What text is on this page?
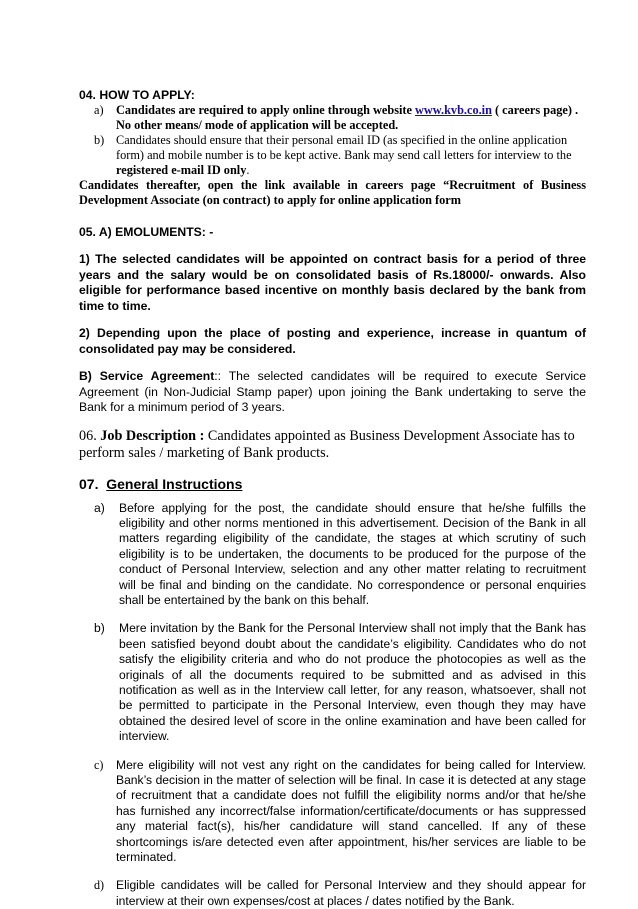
04. HOW TO APPLY:

a)	Candidates are required to apply online through website www.kvb.co.in ( careers page) .
No other means/ mode of application will be accepted.
b) Candidates should ensure that their personal email ID (as specified in the online application form) and mobile number is to be kept active. Bank may send call letters for interview to the registered e-mail ID only.

Candidates thereafter, open the link available in careers page “Recruitment of Business Development Associate (on contract) to apply for online application form

05. A) EMOLUMENTS: -

1) The selected candidates will be appointed on contract basis for a period of three years and the salary would be on consolidated basis of Rs.18000/- onwards. Also eligible for performance based incentive on monthly basis declared by the bank from time to time.

2) Depending upon the place of posting and experience, increase in quantum of consolidated pay may be considered.

B) Service Agreement:: The selected candidates will be required to execute Service Agreement (in Non-Judicial Stamp paper) upon joining the Bank undertaking to serve the Bank for a minimum period of 3 years.

06. Job Description : Candidates appointed as Business Development Associate has to perform sales / marketing of Bank products.

07. General Instructions

a)	Before applying for the post, the candidate should ensure that he/she fulfills the eligibility and other norms mentioned in this advertisement. Decision of the Bank in all matters regarding eligibility of the candidate, the stages at which scrutiny of such eligibility is to be undertaken, the documents to be produced for the purpose of the conduct of Personal Interview, selection and any other matter relating to recruitment will be final and binding on the candidate. No correspondence or personal enquiries shall be entertained by the bank on this behalf.
b)	Mere invitation by the Bank for the Personal Interview shall not imply that the Bank has been satisfied beyond doubt about the candidate’s eligibility. Candidates who do not satisfy the eligibility criteria and who do not produce the photocopies as well as the originals of all the documents required to be submitted and as advised in this notification as well as in the Interview call letter, for any reason, whatsoever, shall not be permitted to participate in the Personal Interview, even though they may have obtained the desired level of score in the online examination and have been called for interview.
c)	Mere eligibility will not vest any right on the candidates for being called for Interview. Bank’s decision in the matter of selection will be final. In case it is detected at any stage of recruitment that a candidate does not fulfill the eligibility norms and/or that he/she has furnished any incorrect/false information/certificate/documents or has suppressed any material fact(s), his/her candidature will stand cancelled. If any of these shortcomings is/are detected even after appointment, his/her services are liable to be terminated.
d) Eligible candidates will be called for Personal Interview and they should appear for interview at their own expenses/cost at places / dates notified by the Bank.
